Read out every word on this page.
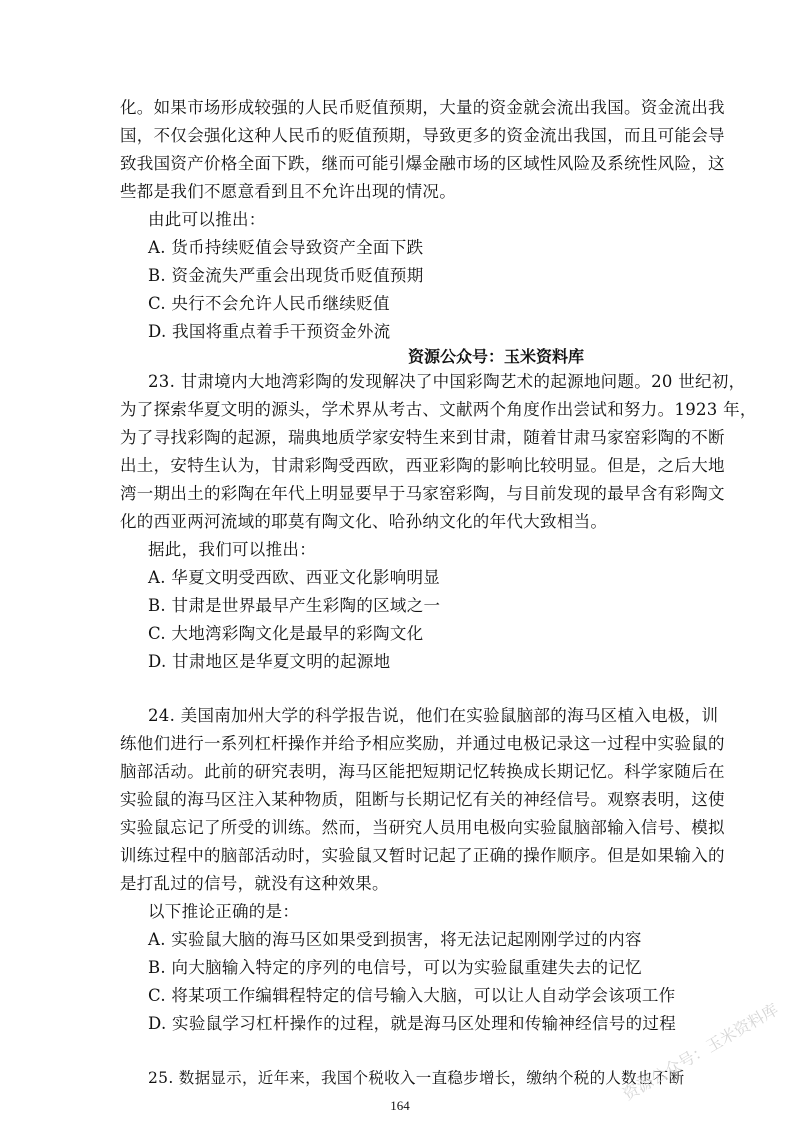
化。如果市场形成较强的人民币贬值预期，大量的资金就会流出我国。资金流出我
国，不仅会强化这种人民币的贬值预期，导致更多的资金流出我国，而且可能会导
致我国资产价格全面下跌，继而可能引爆金融市场的区域性风险及系统性风险，这
些都是我们不愿意看到且不允许出现的情况。
由此可以推出：
A. 货币持续贬值会导致资产全面下跌
B. 资金流失严重会出现货币贬值预期
C. 央行不会允许人民币继续贬值
D. 我国将重点着手干预资金外流
资源公众号：玉米资料库
23. 甘肃境内大地湾彩陶的发现解决了中国彩陶艺术的起源地问题。20 世纪初，
为了探索华夏文明的源头，学术界从考古、文献两个角度作出尝试和努力。1923 年，
为了寻找彩陶的起源，瑞典地质学家安特生来到甘肃，随着甘肃马家窑彩陶的不断
出土，安特生认为，甘肃彩陶受西欧，西亚彩陶的影响比较明显。但是，之后大地
湾一期出土的彩陶在年代上明显要早于马家窑彩陶，与目前发现的最早含有彩陶文
化的西亚两河流域的耶莫有陶文化、哈孙纳文化的年代大致相当。
据此，我们可以推出：
A. 华夏文明受西欧、西亚文化影响明显
B. 甘肃是世界最早产生彩陶的区域之一
C. 大地湾彩陶文化是最早的彩陶文化
D. 甘肃地区是华夏文明的起源地
24. 美国南加州大学的科学报告说，他们在实验鼠脑部的海马区植入电极，训
练他们进行一系列杠杆操作并给予相应奖励，并通过电极记录这一过程中实验鼠的
脑部活动。此前的研究表明，海马区能把短期记忆转换成长期记忆。科学家随后在
实验鼠的海马区注入某种物质，阻断与长期记忆有关的神经信号。观察表明，这使
实验鼠忘记了所受的训练。然而，当研究人员用电极向实验鼠脑部输入信号、模拟
训练过程中的脑部活动时，实验鼠又暂时记起了正确的操作顺序。但是如果输入的
是打乱过的信号，就没有这种效果。
以下推论正确的是：
A. 实验鼠大脑的海马区如果受到损害，将无法记起刚刚学过的内容
B. 向大脑输入特定的序列的电信号，可以为实验鼠重建失去的记忆
C. 将某项工作编辑程特定的信号输入大脑，可以让人自动学会该项工作
D. 实验鼠学习杠杆操作的过程，就是海马区处理和传输神经信号的过程
25. 数据显示，近年来，我国个税收入一直稳步增长，缴纳个税的人数也不断
164
资源公众号：玉米资料库
